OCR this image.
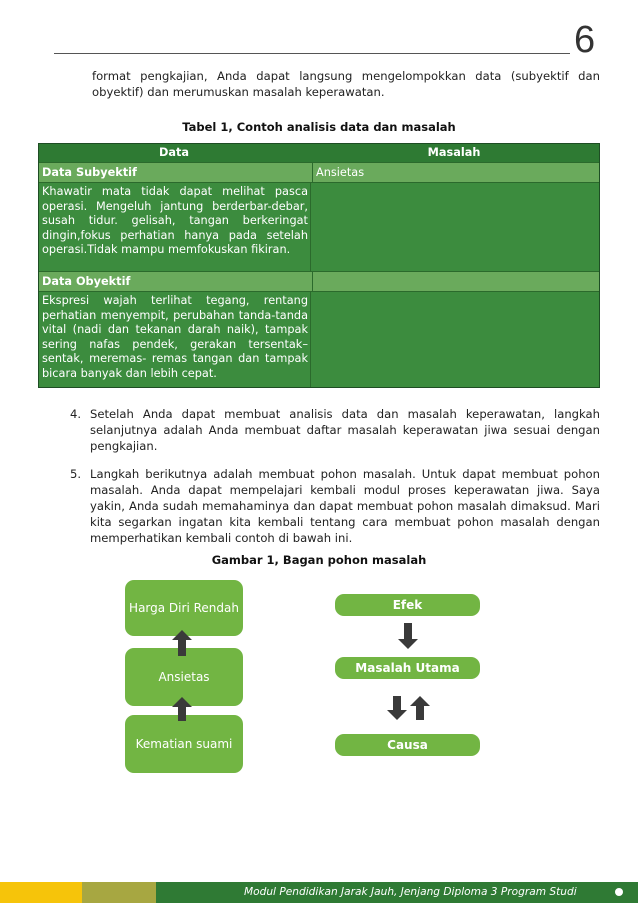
6
format pengkajian, Anda dapat langsung mengelompokkan data (subyektif dan obyektif) dan merumuskan masalah keperawatan.
Tabel 1, Contoh analisis data dan masalah
Data	Masalah
Data Subyektif	Ansietas
Khawatir mata tidak dapat melihat pasca operasi. Mengeluh jantung berderbar-debar, susah tidur. gelisah, tangan berkeringat dingin,fokus perhatian hanya pada setelah operasi.Tidak mampu memfokuskan fikiran.
Data Obyektif
Ekspresi wajah terlihat tegang, rentang perhatian menyempit, perubahan tanda-tanda vital (nadi dan tekanan darah naik), tampak sering nafas pendek, gerakan tersentak–sentak, meremas- remas tangan dan tampak bicara banyak dan lebih cepat.
4. Setelah Anda dapat membuat analisis data dan masalah keperawatan, langkah selanjutnya adalah Anda membuat daftar masalah keperawatan jiwa sesuai dengan pengkajian.
5. Langkah berikutnya adalah membuat pohon masalah. Untuk dapat membuat pohon masalah. Anda dapat mempelajari kembali modul proses keperawatan jiwa. Saya yakin, Anda sudah memahaminya dan dapat membuat pohon masalah dimaksud. Mari kita segarkan ingatan kita kembali tentang cara membuat pohon masalah dengan memperhatikan kembali contoh di bawah ini.
Gambar 1, Bagan pohon masalah
Harga Diri Rendah
Ansietas
Kematian suami
Efek
Masalah Utama
Causa
Modul Pendidikan Jarak Jauh, Jenjang Diploma 3 Program Studi Keperawatan
